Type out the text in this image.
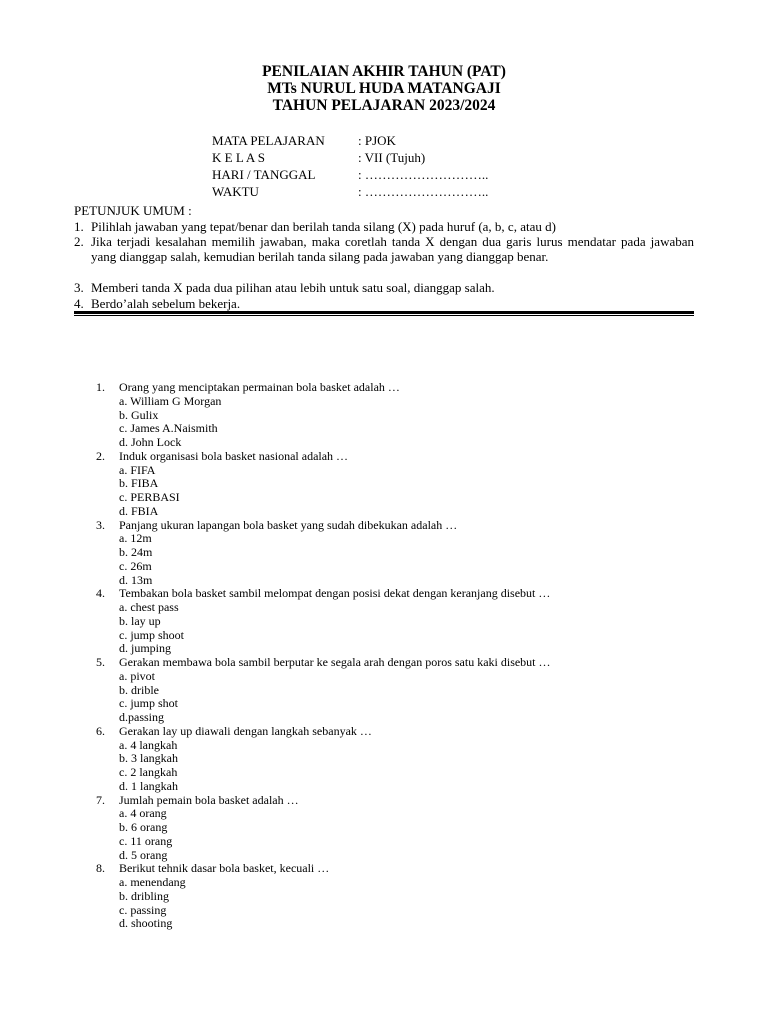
PENILAIAN AKHIR TAHUN (PAT)
MTs NURUL HUDA MATANGAJI
TAHUN PELAJARAN 2023/2024
MATA PELAJARAN	: PJOK
K E L A S	: VII (Tujuh)
HARI / TANGGAL	: ………………………..
WAKTU	: ………………………..
PETUNJUK UMUM :
1. Pilihlah jawaban yang tepat/benar dan berilah tanda silang (X) pada huruf (a, b, c, atau d)
2. Jika terjadi kesalahan memilih jawaban, maka coretlah tanda X dengan dua garis lurus mendatar pada jawaban yang dianggap salah, kemudian berilah tanda silang pada jawaban yang dianggap benar.
3. Memberi tanda X pada dua pilihan atau lebih untuk satu soal, dianggap salah.
4. Berdo’alah sebelum bekerja.
1. Orang yang menciptakan permainan bola basket adalah …
a. William G Morgan
b. Gulix
c. James A.Naismith
d. John Lock
2. Induk organisasi bola basket nasional adalah …
a. FIFA
b. FIBA
c. PERBASI
d. FBIA
3. Panjang ukuran lapangan bola basket yang sudah dibekukan adalah …
a. 12m
b. 24m
c. 26m
d. 13m
4. Tembakan bola basket sambil melompat dengan posisi dekat dengan keranjang disebut …
a. chest pass
b. lay up
c. jump shoot
d. jumping
5. Gerakan membawa bola sambil berputar ke segala arah dengan poros satu kaki disebut …
a. pivot
b. drible
c. jump shot
d.passing
6. Gerakan lay up diawali dengan langkah sebanyak …
a. 4 langkah
b. 3 langkah
c. 2 langkah
d. 1 langkah
7. Jumlah pemain bola basket adalah …
a. 4 orang
b. 6 orang
c. 11 orang
d. 5 orang
8. Berikut tehnik dasar bola basket, kecuali …
a. menendang
b. dribling
c. passing
d. shooting
